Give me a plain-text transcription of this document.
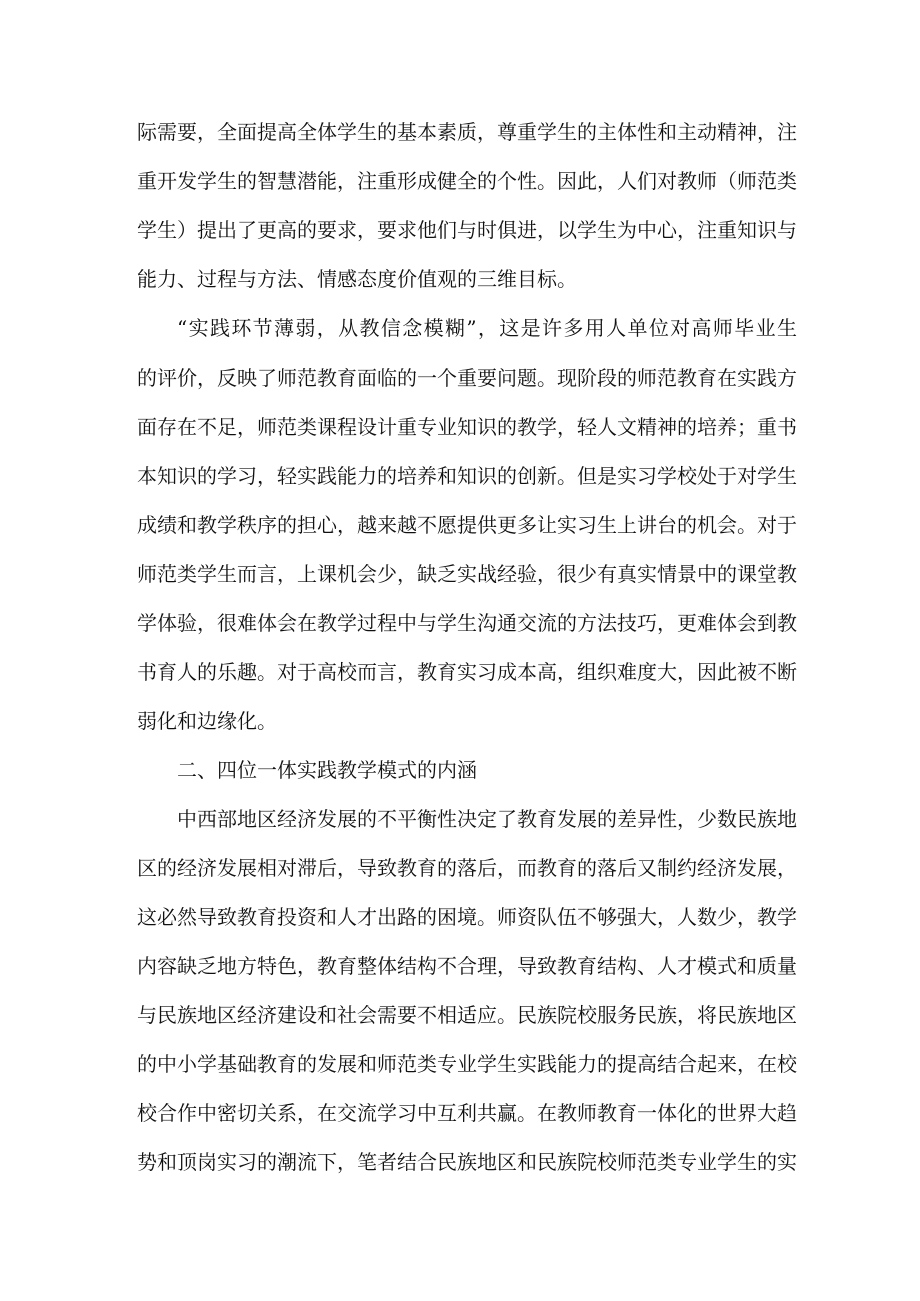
际需要，全面提高全体学生的基本素质，尊重学生的主体性和主动精神，注
重开发学生的智慧潜能，注重形成健全的个性。因此，人们对教师（师范类
学生）提出了更高的要求，要求他们与时俱进，以学生为中心，注重知识与
能力、过程与方法、情感态度价值观的三维目标。
“实践环节薄弱，从教信念模糊”，这是许多用人单位对高师毕业生
的评价，反映了师范教育面临的一个重要问题。现阶段的师范教育在实践方
面存在不足，师范类课程设计重专业知识的教学，轻人文精神的培养；重书
本知识的学习，轻实践能力的培养和知识的创新。但是实习学校处于对学生
成绩和教学秩序的担心，越来越不愿提供更多让实习生上讲台的机会。对于
师范类学生而言，上课机会少，缺乏实战经验，很少有真实情景中的课堂教
学体验，很难体会在教学过程中与学生沟通交流的方法技巧，更难体会到教
书育人的乐趣。对于高校而言，教育实习成本高，组织难度大，因此被不断
弱化和边缘化。
二、四位一体实践教学模式的内涵
中西部地区经济发展的不平衡性决定了教育发展的差异性，少数民族地
区的经济发展相对滞后，导致教育的落后，而教育的落后又制约经济发展，
这必然导致教育投资和人才出路的困境。师资队伍不够强大，人数少，教学
内容缺乏地方特色，教育整体结构不合理，导致教育结构、人才模式和质量
与民族地区经济建设和社会需要不相适应。民族院校服务民族，将民族地区
的中小学基础教育的发展和师范类专业学生实践能力的提高结合起来，在校
校合作中密切关系，在交流学习中互利共赢。在教师教育一体化的世界大趋
势和顶岗实习的潮流下，笔者结合民族地区和民族院校师范类专业学生的实
